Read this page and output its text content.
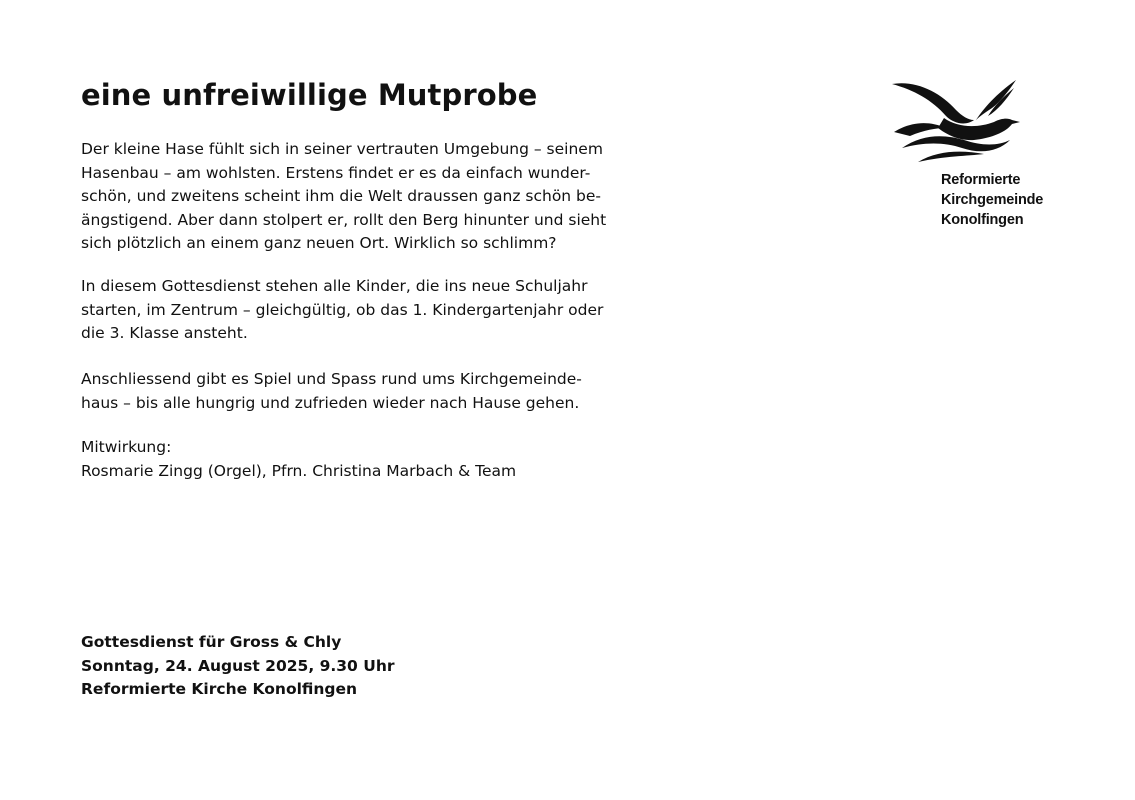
eine unfreiwillige Mutprobe

Der kleine Hase fühlt sich in seiner vertrauten Umgebung – seinem
Hasenbau – am wohlsten. Erstens findet er es da einfach wunder-
schön, und zweitens scheint ihm die Welt draussen ganz schön be-
ängstigend. Aber dann stolpert er, rollt den Berg hinunter und sieht
sich plötzlich an einem ganz neuen Ort. Wirklich so schlimm?

In diesem Gottesdienst stehen alle Kinder, die ins neue Schuljahr
starten, im Zentrum – gleichgültig, ob das 1. Kindergartenjahr oder
die 3. Klasse ansteht.

Anschliessend gibt es Spiel und Spass rund ums Kirchgemeinde-
haus – bis alle hungrig und zufrieden wieder nach Hause gehen.

Mitwirkung:
Rosmarie Zingg (Orgel), Pfrn. Christina Marbach & Team

Gottesdienst für Gross & Chly
Sonntag, 24. August 2025, 9.30 Uhr
Reformierte Kirche Konolfingen
Reformierte
Kirchgemeinde
Konolfingen
